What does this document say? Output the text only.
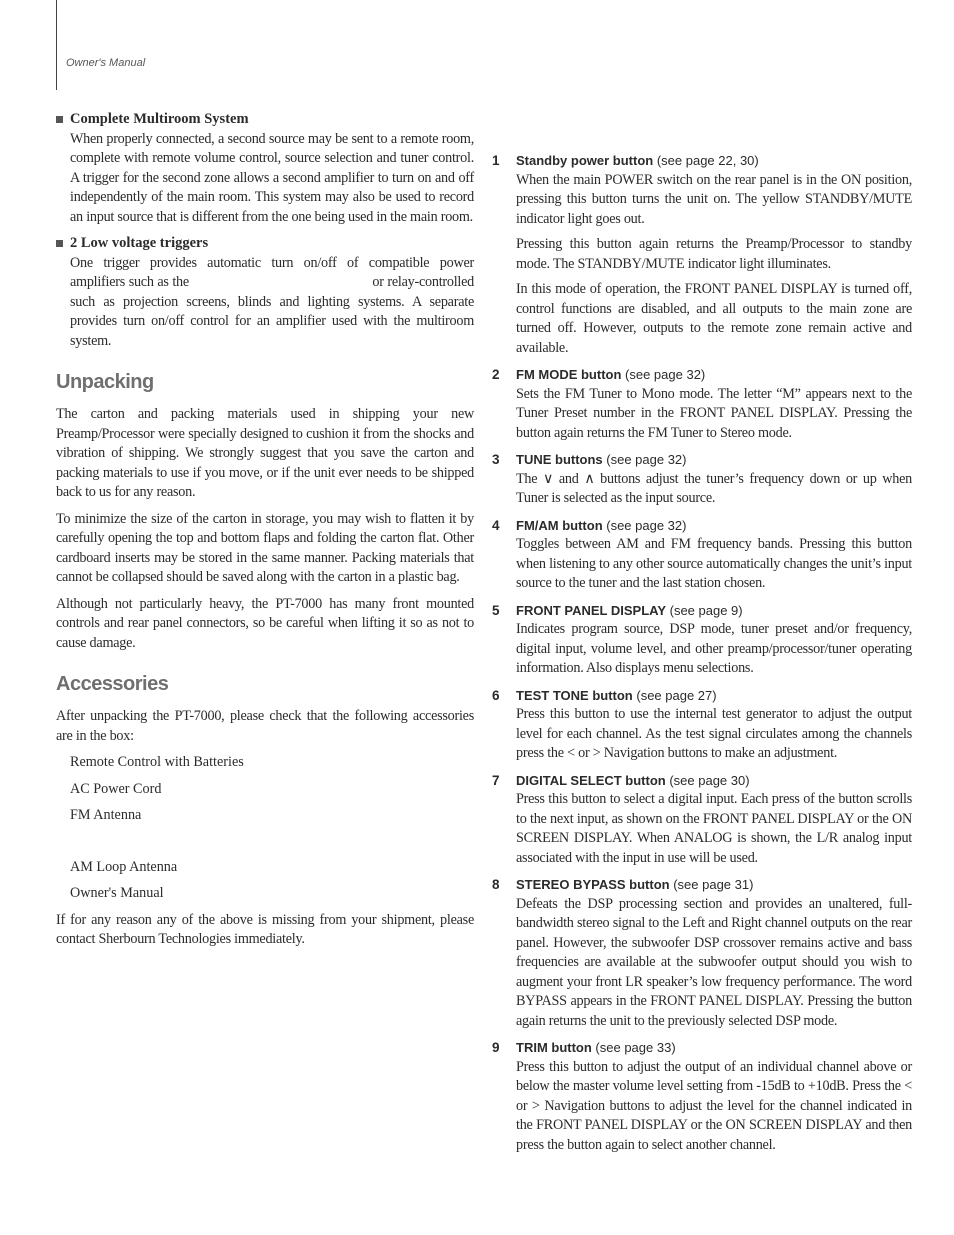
Owner's Manual
Complete Multiroom System

When properly connected, a second source may be sent to a remote room, complete with remote volume control, source selection and tuner control. A trigger for the second zone allows a second amplifier to turn on and off independently of the main room. This system may also be used to record an input source that is different from the one being used in the main room.

2 Low voltage triggers

One trigger provides automatic turn on/off of compatible power amplifiers such as the                                                  or relay-controlled                such as projection screens, blinds and lighting systems. A separate                 provides turn on/off control for an amplifier used with the multiroom system.

Unpacking

The carton and packing materials used in shipping your new Preamp/Processor were specially designed to cushion it from the shocks and vibration of shipping. We strongly suggest that you save the carton and packing materials to use if you move, or if the unit ever needs to be shipped back to us for any reason.

To minimize the size of the carton in storage, you may wish to flatten it by carefully opening the top and bottom flaps and folding the carton flat. Other cardboard inserts may be stored in the same manner. Packing materials that cannot be collapsed should be saved along with the carton in a plastic bag.

Although not particularly heavy, the PT-7000 has many front mounted controls and rear panel connectors, so be careful when lifting it so as not to cause damage.

Accessories

After unpacking the PT-7000, please check that the following accessories are in the box:

Remote Control with Batteries
AC Power Cord
FM Antenna
AM Loop Antenna
Owner's Manual

If for any reason any of the above is missing from your shipment, please contact Sherbourn Technologies immediately.

1 Standby power button (see page 22, 30)

When the main POWER switch on the rear panel is in the ON position, pressing this button turns the unit on. The yellow STANDBY/MUTE indicator light goes out.

Pressing this button again returns the Preamp/Processor to standby mode. The STANDBY/MUTE indicator light illuminates.

In this mode of operation, the FRONT PANEL DISPLAY is turned off, control functions are disabled, and all outputs to the main zone are turned off. However, outputs to the remote zone remain active and available.

2 FM MODE button (see page 32)

Sets the FM Tuner to Mono mode. The letter “M” appears next to the Tuner Preset number in the FRONT PANEL DISPLAY. Pressing the button again returns the FM Tuner to Stereo mode.

3 TUNE buttons (see page 32)

The ∨ and ∧ buttons adjust the tuner’s frequency down or up when Tuner is selected as the input source.

4 FM/AM button (see page 32)

Toggles between AM and FM frequency bands. Pressing this button when listening to any other source automatically changes the unit’s input source to the tuner and the last station chosen.

5 FRONT PANEL DISPLAY (see page 9)

Indicates program source, DSP mode, tuner preset and/or frequency, digital input, volume level, and other preamp/processor/tuner operating information. Also displays menu selections.

6 TEST TONE button (see page 27)

Press this button to use the internal test generator to adjust the output level for each channel. As the test signal circulates among the channels press the < or > Navigation buttons to make an adjustment.

7 DIGITAL SELECT button (see page 30)

Press this button to select a digital input. Each press of the button scrolls to the next input, as shown on the FRONT PANEL DISPLAY or the ON SCREEN DISPLAY. When ANALOG is shown, the L/R analog input associated with the input in use will be used.

8 STEREO BYPASS button (see page 31)

Defeats the DSP processing section and provides an unaltered, full-bandwidth stereo signal to the Left and Right channel outputs on the rear panel. However, the subwoofer DSP crossover remains active and bass frequencies are available at the subwoofer output should you wish to augment your front LR speaker’s low frequency performance. The word BYPASS appears in the FRONT PANEL DISPLAY. Pressing the button again returns the unit to the previously selected DSP mode.

9 TRIM button (see page 33)

Press this button to adjust the output of an individual channel above or below the master volume level setting from -15dB to +10dB. Press the < or > Navigation buttons to adjust the level for the channel indicated in the FRONT PANEL DISPLAY or the ON SCREEN DISPLAY and then press the button again to select another channel.
